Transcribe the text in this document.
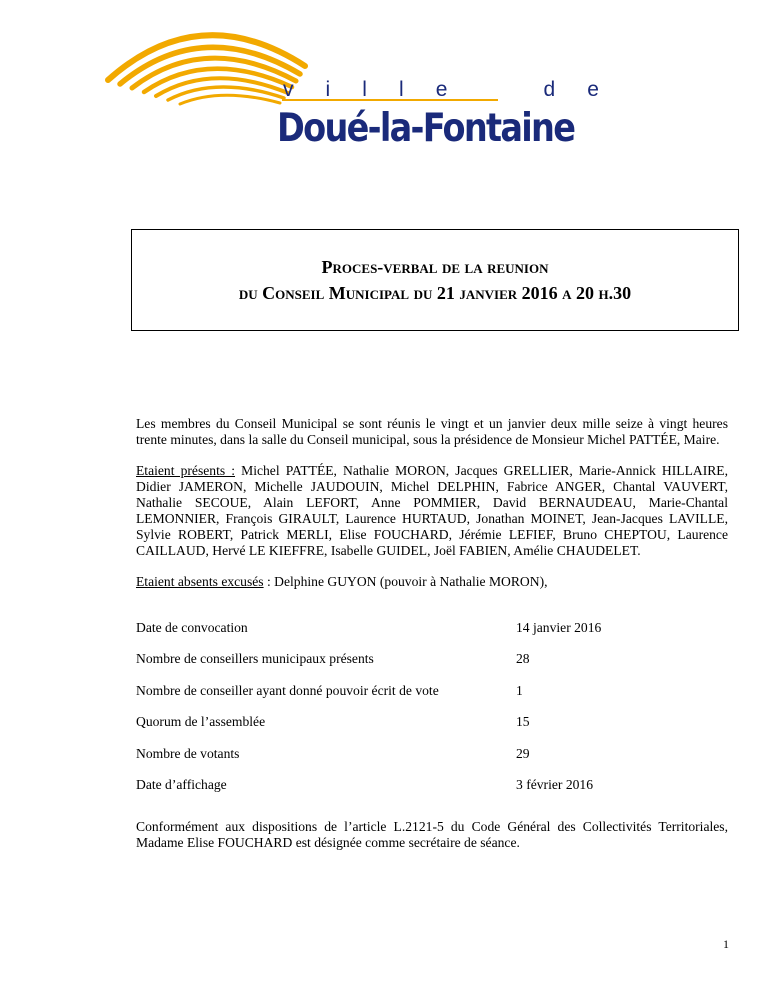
v i l l e	d e
Doué-la-Fontaine
Proces-verbal de la reunion
du Conseil Municipal du 21 janvier 2016 a 20 h.30

Les membres du Conseil Municipal se sont réunis le vingt et un janvier deux mille seize à vingt heures trente minutes, dans la salle du Conseil municipal, sous la présidence de Monsieur Michel PATTÉE, Maire.

Etaient présents : Michel PATTÉE, Nathalie MORON, Jacques GRELLIER, Marie-Annick HILLAIRE, Didier JAMERON, Michelle JAUDOUIN, Michel DELPHIN, Fabrice ANGER, Chantal VAUVERT, Nathalie SECOUE, Alain LEFORT, Anne POMMIER, David BERNAUDEAU, Marie-Chantal LEMONNIER, François GIRAULT, Laurence HURTAUD, Jonathan MOINET, Jean-Jacques LAVILLE, Sylvie ROBERT, Patrick MERLI, Elise FOUCHARD, Jérémie LEFIEF, Bruno CHEPTOU, Laurence CAILLAUD, Hervé LE KIEFFRE, Isabelle GUIDEL, Joël FABIEN, Amélie CHAUDELET.

Etaient absents excusés : Delphine GUYON (pouvoir à Nathalie MORON),

Date de convocation	14 janvier 2016
Nombre de conseillers municipaux présents	28
Nombre de conseiller ayant donné pouvoir écrit de vote	1
Quorum de l’assemblée	15
Nombre de votants	29
Date d’affichage	3 février 2016

Conformément aux dispositions de l’article L.2121-5 du Code Général des Collectivités Territoriales, Madame Elise FOUCHARD est désignée comme secrétaire de séance.

1
